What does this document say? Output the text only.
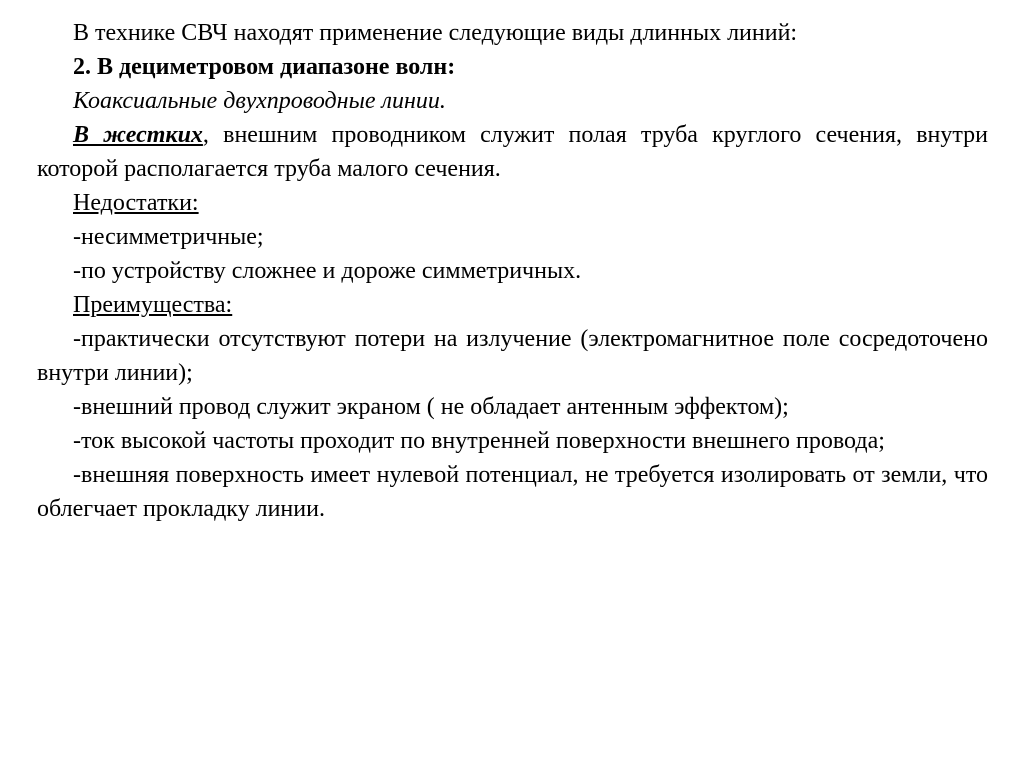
В технике СВЧ находят применение следующие виды длинных линий:

2. В дециметровом диапазоне волн:

Коаксиальные двухпроводные линии.

В жестких, внешним проводником служит полая труба круглого сечения, внутри которой располагается труба малого сечения.

Недостатки:

-несимметричные;

-по устройству сложнее и дороже симметричных.

Преимущества:

-практически отсутствуют потери на излучение (электромагнитное поле сосредоточено внутри линии);

-внешний провод служит экраном ( не обладает антенным эффектом);

-ток высокой частоты проходит по внутренней поверхности внешнего провода;

-внешняя поверхность имеет нулевой потенциал, не требуется изолировать от земли, что облегчает прокладку линии.
